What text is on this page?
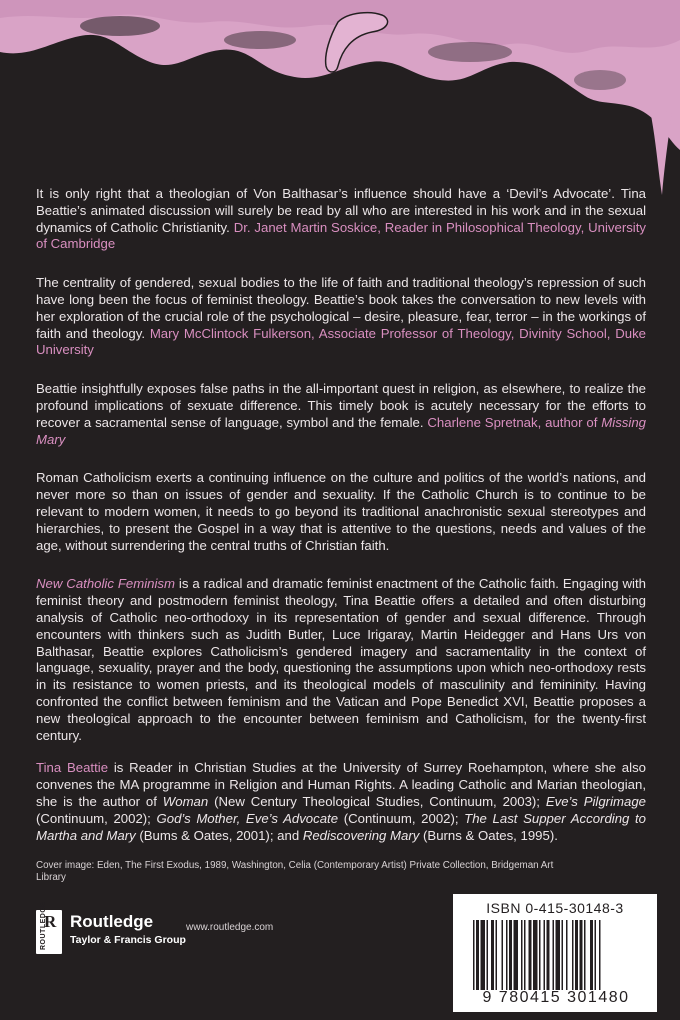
It is only right that a theologian of Von Balthasar’s influence should have a ‘Devil’s Advocate’. Tina Beattie’s animated discussion will surely be read by all who are interested in his work and in the sexual dynamics of Catholic Christianity. Dr. Janet Martin Soskice, Reader in Philosophical Theology, University of Cambridge

The centrality of gendered, sexual bodies to the life of faith and traditional theology’s repression of such have long been the focus of feminist theology. Beattie’s book takes the conversation to new levels with her exploration of the crucial role of the psychological – desire, pleasure, fear, terror – in the workings of faith and theology. Mary McClintock Fulkerson, Associate Professor of Theology, Divinity School, Duke University

Beattie insightfully exposes false paths in the all-important quest in religion, as elsewhere, to realize the profound implications of sexuate difference. This timely book is acutely necessary for the efforts to recover a sacramental sense of language, symbol and the female. Charlene Spretnak, author of Missing Mary

Roman Catholicism exerts a continuing influence on the culture and politics of the world’s nations, and never more so than on issues of gender and sexuality. If the Catholic Church is to continue to be relevant to modern women, it needs to go beyond its traditional anachronistic sexual stereotypes and hierarchies, to present the Gospel in a way that is attentive to the questions, needs and values of the age, without surrendering the central truths of Christian faith.

New Catholic Feminism is a radical and dramatic feminist enactment of the Catholic faith. Engaging with feminist theory and postmodern feminist theology, Tina Beattie offers a detailed and often disturbing analysis of Catholic neo-orthodoxy in its representation of gender and sexual difference. Through encounters with thinkers such as Judith Butler, Luce Irigaray, Martin Heidegger and Hans Urs von Balthasar, Beattie explores Catholicism’s gendered imagery and sacramentality in the context of language, sexuality, prayer and the body, questioning the assumptions upon which neo-orthodoxy rests in its resistance to women priests, and its theological models of masculinity and femininity. Having confronted the conflict between feminism and the Vatican and Pope Benedict XVI, Beattie proposes a new theological approach to the encounter between feminism and Catholicism, for the twenty-first century.

Tina Beattie is Reader in Christian Studies at the University of Surrey Roehampton, where she also convenes the MA programme in Religion and Human Rights. A leading Catholic and Marian theologian, she is the author of Woman (New Century Theological Studies, Continuum, 2003); Eve’s Pilgrimage (Continuum, 2002); God’s Mother, Eve’s Advocate (Continuum, 2002); The Last Supper According to Martha and Mary (Bums & Oates, 2001); and Rediscovering Mary (Burns & Oates, 1995).

Cover image: Eden, The First Exodus, 1989, Washington, Celia (Contemporary Artist) Private Collection, Bridgeman Art Library
R
ROUTLEDGE Routledge
Taylor & Francis Group
www.routledge.com
ISBN 0-415-30148-3
9 780415 301480
